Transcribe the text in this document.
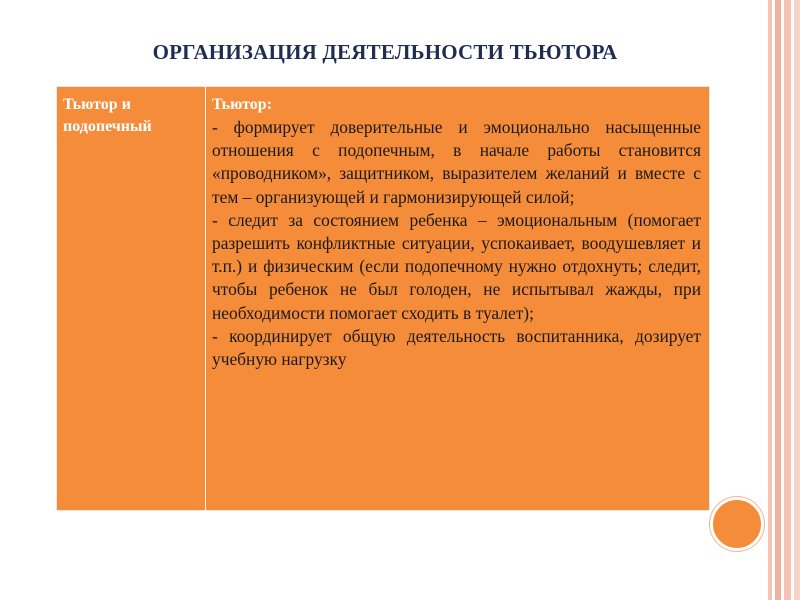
ОРГАНИЗАЦИЯ ДЕЯТЕЛЬНОСТИ ТЬЮТОРА
Тьютор и подопечный
Тьютор:

- формирует доверительные и эмоционально насыщенные отношения с подопечным, в начале работы становится «проводником», защитником, выразителем желаний и вместе с тем – организующей и гармонизирующей силой;

- следит за состоянием ребенка – эмоциональным (помогает разрешить конфликтные ситуации, успокаивает, воодушевляет и т.п.) и физическим (если подопечному нужно отдохнуть; следит, чтобы ребенок не был голоден, не испытывал жажды, при необходимости помогает сходить в туалет);

- координирует общую деятельность воспитанника, дозирует учебную нагрузку
